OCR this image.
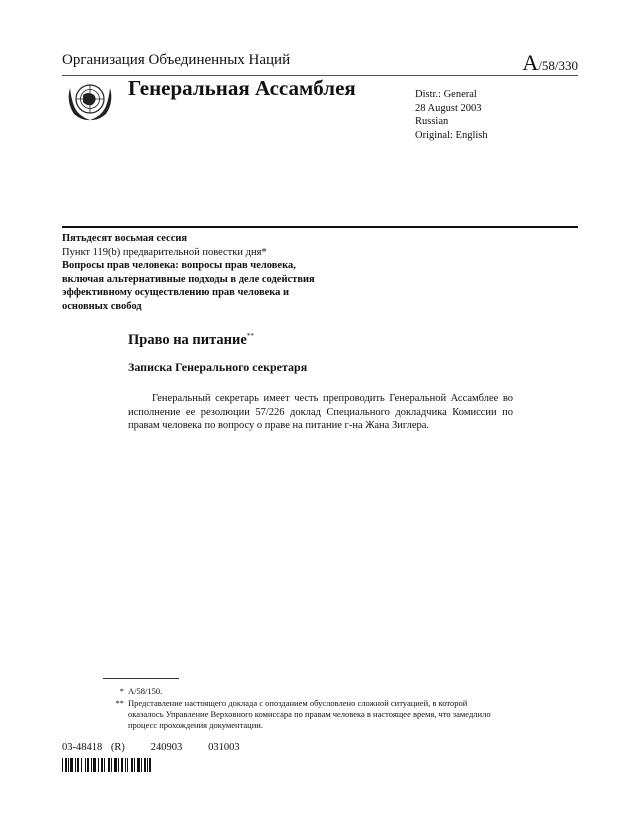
Организация Объединенных Наций	A/58/330
Генеральная Ассамблея	Distr.: General
28 August 2003
Russian
Original: English
Пятьдесят восьмая сессия
Пункт 119(b) предварительной повестки дня*
Вопросы прав человека: вопросы прав человека,
включая альтернативные подходы в деле содействия
эффективному осуществлению прав человека и
основных свобод
Право на питание**
Записка Генерального секретаря
Генеральный секретарь имеет честь препроводить Генеральной Ассамблее во исполнение ее резолюции 57/226 доклад Специального докладчика Комиссии по правам человека по вопросу о праве на питание г-на Жана Зиглера.
* A/58/150.
** Представление настоящего доклада с опозданием обусловлено сложной ситуацией, в которой оказалось Управление Верховного комиссара по правам человека в настоящее время, что замедлило процесс прохождения документации.
03-48418 (R)   240903   031003
